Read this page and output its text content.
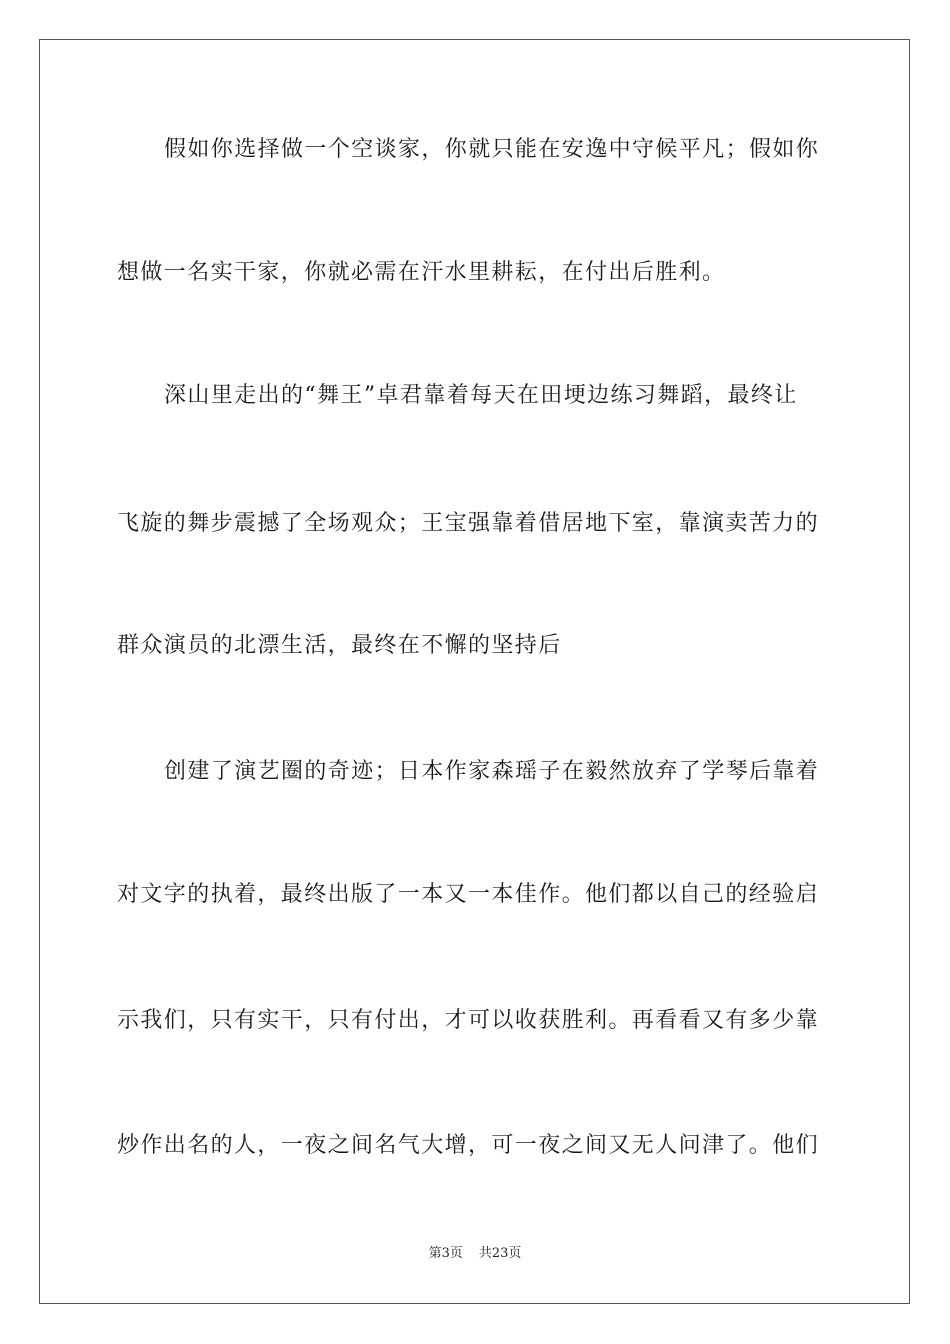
假如你选择做一个空谈家，你就只能在安逸中守候平凡；假如你
想做一名实干家，你就必需在汗水里耕耘，在付出后胜利。
深山里走出的“舞王”卓君靠着每天在田埂边练习舞蹈，最终让
飞旋的舞步震撼了全场观众；王宝强靠着借居地下室，靠演卖苦力的
群众演员的北漂生活，最终在不懈的坚持后
创建了演艺圈的奇迹；日本作家森瑶子在毅然放弃了学琴后靠着
对文字的执着，最终出版了一本又一本佳作。他们都以自己的经验启
示我们，只有实干，只有付出，才可以收获胜利。再看看又有多少靠
炒作出名的人，一夜之间名气大增，可一夜之间又无人问津了。他们
第3页 共23页
